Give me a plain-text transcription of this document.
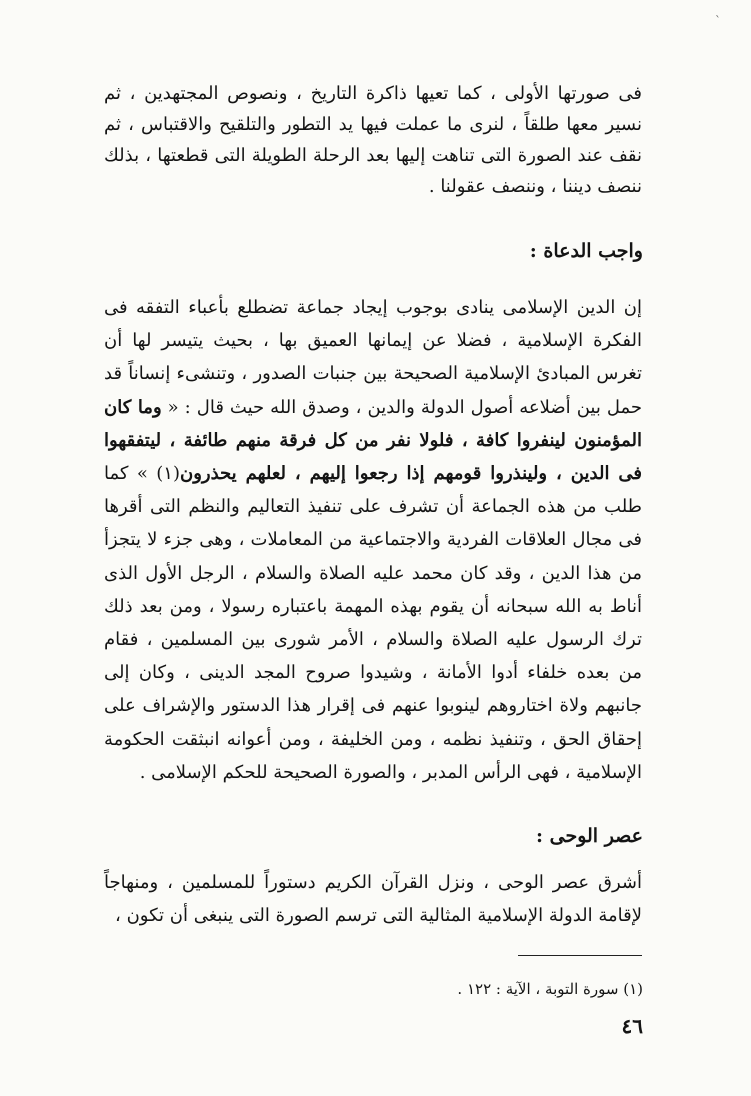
`

فى صورتها الأولى ، كما تعيها ذاكرة التاريخ ، ونصوص المجتهدين ، ثم نسير معها طلقاً ، لنرى ما عملت فيها يد التطور والتلقيح والاقتباس ، ثم نقف عند الصورة التى تناهت إليها بعد الرحلة الطويلة التى قطعتها ، بذلك ننصف ديننا ، وننصف عقولنا .

واجب الدعاة :

إن الدين الإسلامى ينادى بوجوب إيجاد جماعة تضطلع بأعباء التفقه فى الفكرة الإسلامية ، فضلا عن إيمانها العميق بها ، بحيث يتيسر لها أن تغرس المبادئ الإسلامية الصحيحة بين جنبات الصدور ، وتنشىء إنساناً قد حمل بين أضلاعه أصول الدولة والدين ، وصدق الله حيث قال : « وما كان المؤمنون لينفروا كافة ، فلولا نفر من كل فرقة منهم طائفة ، ليتفقهوا فى الدين ، ولينذروا قومهم إذا رجعوا إليهم ، لعلهم يحذرون(١) » كما طلب من هذه الجماعة أن تشرف على تنفيذ التعاليم والنظم التى أقرها فى مجال العلاقات الفردية والاجتماعية من المعاملات ، وهى جزء لا يتجزأ من هذا الدين ، وقد كان محمد عليه الصلاة والسلام ، الرجل الأول الذى أناط به الله سبحانه أن يقوم بهذه المهمة باعتباره رسولا ، ومن بعد ذلك ترك الرسول عليه الصلاة والسلام ، الأمر شورى بين المسلمين ، فقام من بعده خلفاء أدوا الأمانة ، وشيدوا صروح المجد الدينى ، وكان إلى جانبهم ولاة اختاروهم لينوبوا عنهم فى إقرار هذا الدستور والإشراف على إحقاق الحق ، وتنفيذ نظمه ، ومن الخليفة ، ومن أعوانه انبثقت الحكومة الإسلامية ، فهى الرأس المدبر ، والصورة الصحيحة للحكم الإسلامى .

عصر الوحى :

أشرق عصر الوحى ، ونزل القرآن الكريم دستوراً للمسلمين ، ومنهاجاً لإقامة الدولة الإسلامية المثالية التى ترسم الصورة التى ينبغى أن تكون ،

(١) سورة التوبة ، الآية : ١٢٢ .

٤٦
